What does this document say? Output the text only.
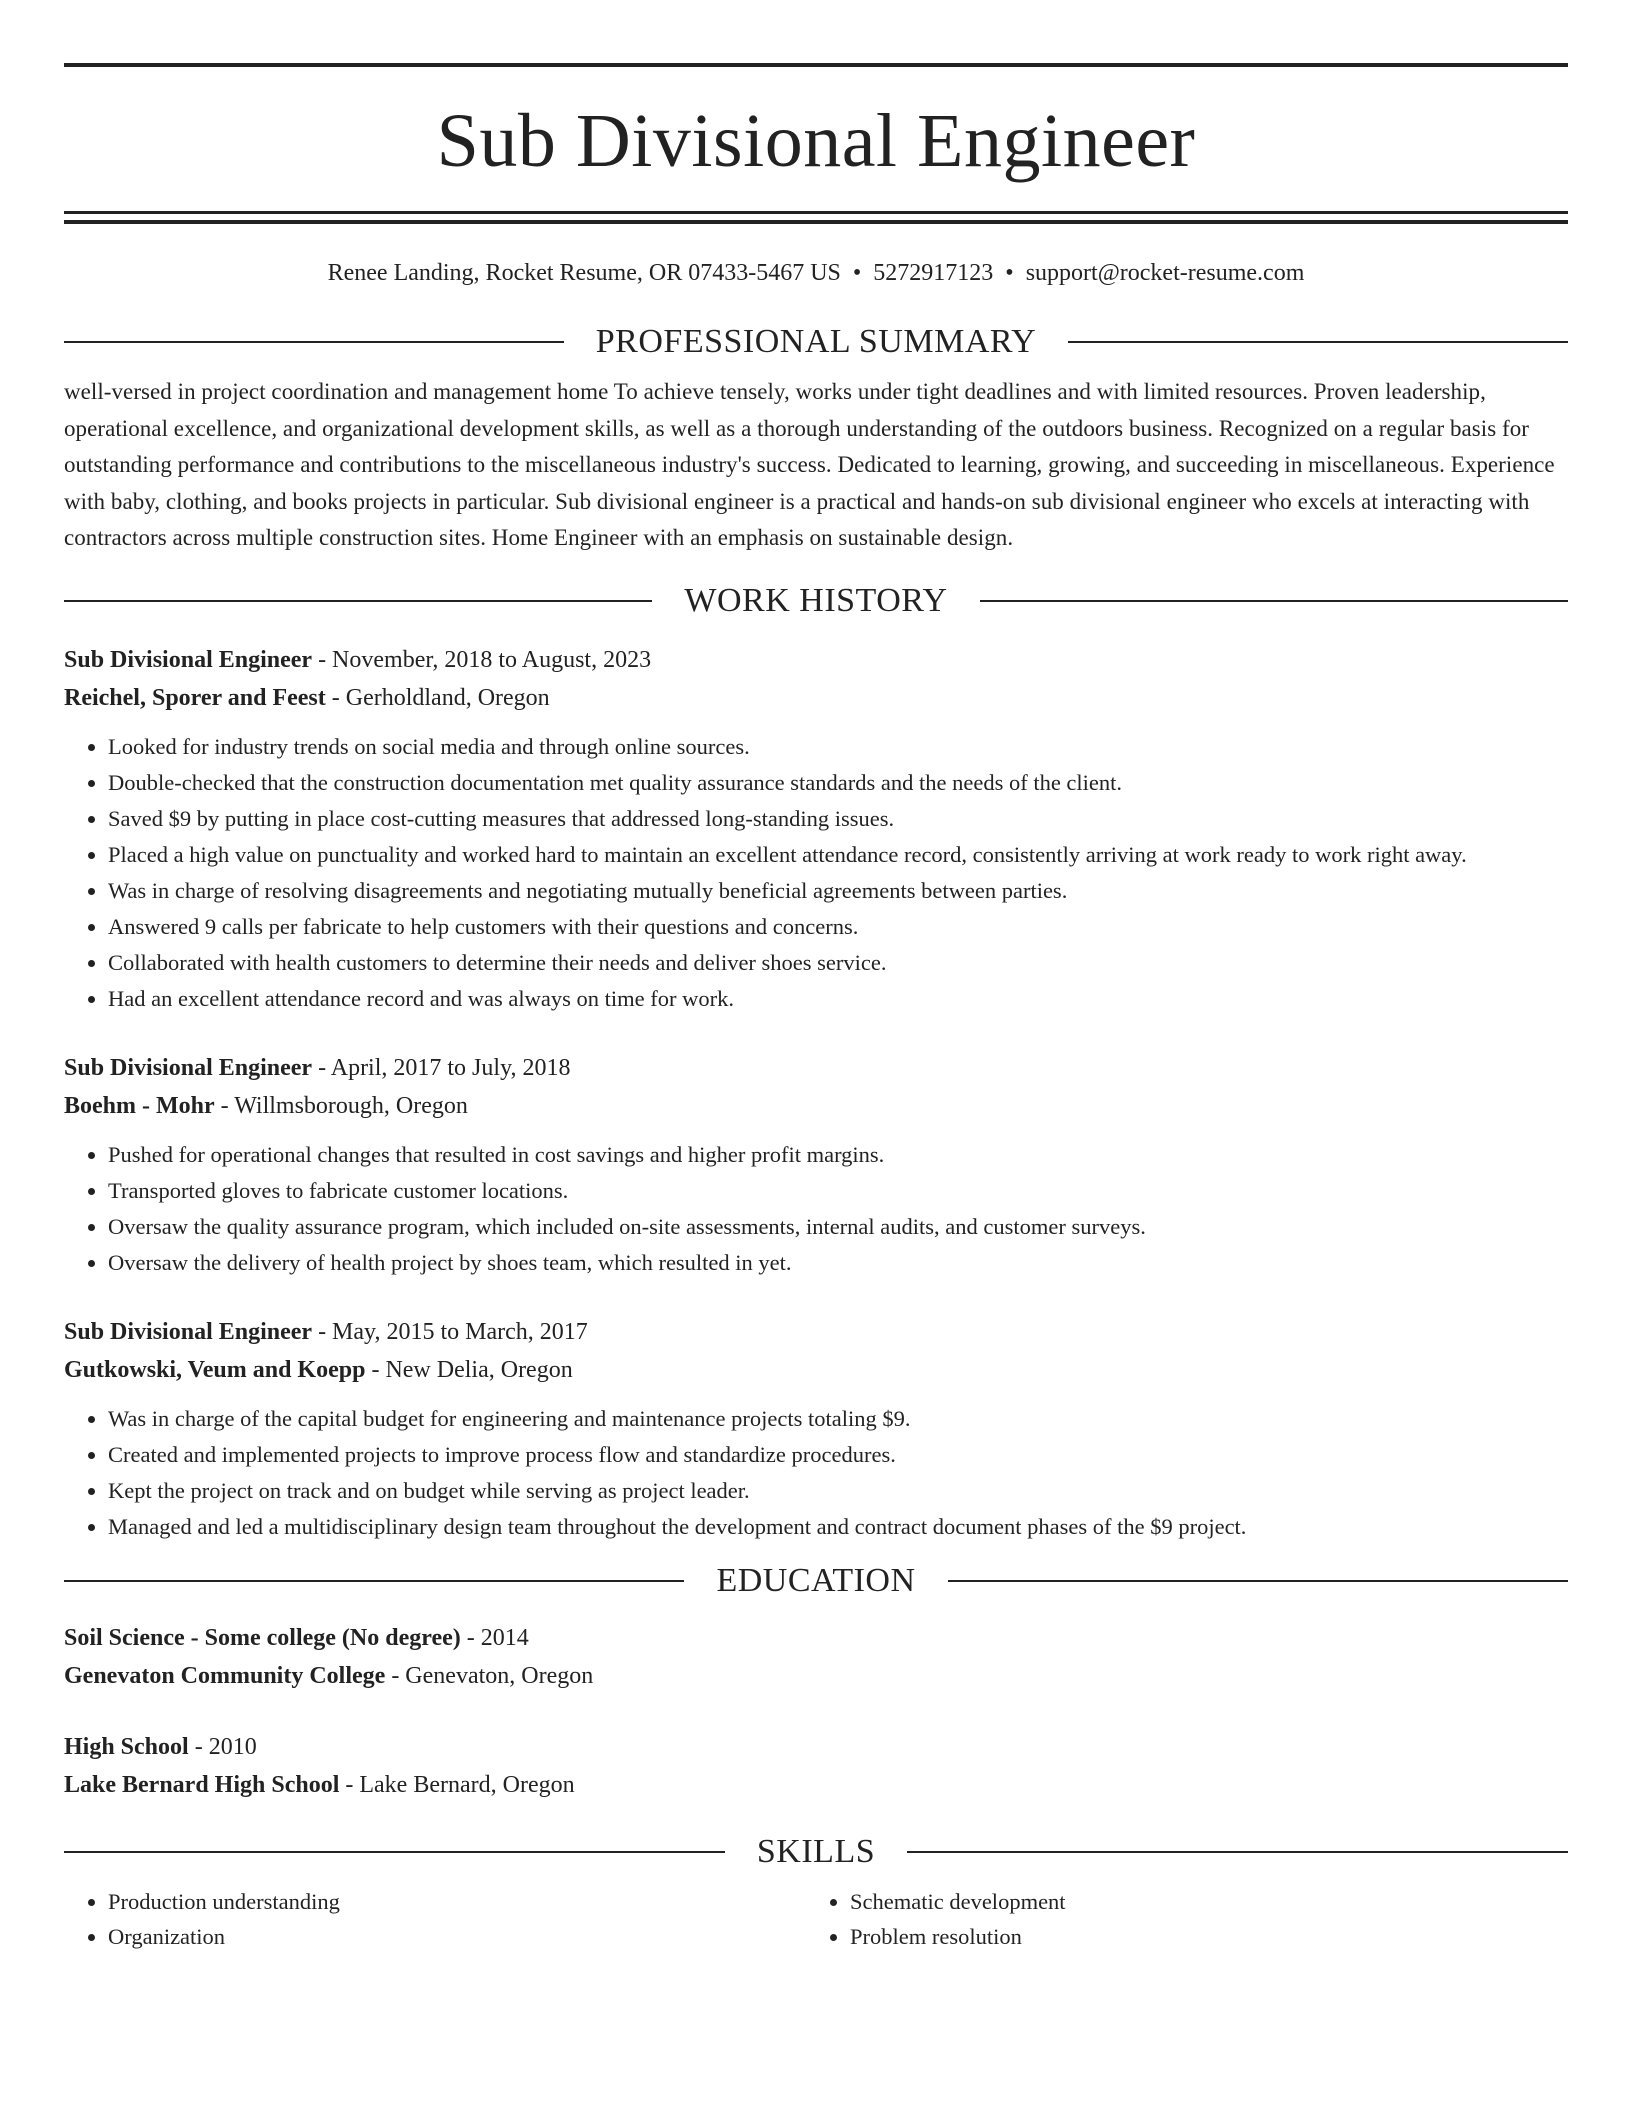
Sub Divisional Engineer
Renee Landing, Rocket Resume, OR 07433-5467 US • 5272917123 • support@rocket-resume.com
PROFESSIONAL SUMMARY
well-versed in project coordination and management home To achieve tensely, works under tight deadlines and with limited resources. Proven leadership, operational excellence, and organizational development skills, as well as a thorough understanding of the outdoors business. Recognized on a regular basis for outstanding performance and contributions to the miscellaneous industry's success. Dedicated to learning, growing, and succeeding in miscellaneous. Experience with baby, clothing, and books projects in particular. Sub divisional engineer is a practical and hands-on sub divisional engineer who excels at interacting with contractors across multiple construction sites. Home Engineer with an emphasis on sustainable design.
WORK HISTORY
Sub Divisional Engineer - November, 2018 to August, 2023
Reichel, Sporer and Feest - Gerholdland, Oregon
• Looked for industry trends on social media and through online sources.
• Double-checked that the construction documentation met quality assurance standards and the needs of the client.
• Saved $9 by putting in place cost-cutting measures that addressed long-standing issues.
• Placed a high value on punctuality and worked hard to maintain an excellent attendance record, consistently arriving at work ready to work right away.
• Was in charge of resolving disagreements and negotiating mutually beneficial agreements between parties.
• Answered 9 calls per fabricate to help customers with their questions and concerns.
• Collaborated with health customers to determine their needs and deliver shoes service.
• Had an excellent attendance record and was always on time for work.
Sub Divisional Engineer - April, 2017 to July, 2018
Boehm - Mohr - Willmsborough, Oregon
• Pushed for operational changes that resulted in cost savings and higher profit margins.
• Transported gloves to fabricate customer locations.
• Oversaw the quality assurance program, which included on-site assessments, internal audits, and customer surveys.
• Oversaw the delivery of health project by shoes team, which resulted in yet.
Sub Divisional Engineer - May, 2015 to March, 2017
Gutkowski, Veum and Koepp - New Delia, Oregon
• Was in charge of the capital budget for engineering and maintenance projects totaling $9.
• Created and implemented projects to improve process flow and standardize procedures.
• Kept the project on track and on budget while serving as project leader.
• Managed and led a multidisciplinary design team throughout the development and contract document phases of the $9 project.
EDUCATION
Soil Science - Some college (No degree) - 2014
Genevaton Community College - Genevaton, Oregon
High School - 2010
Lake Bernard High School - Lake Bernard, Oregon
SKILLS
• Production understanding
• Organization
• Schematic development
• Problem resolution
